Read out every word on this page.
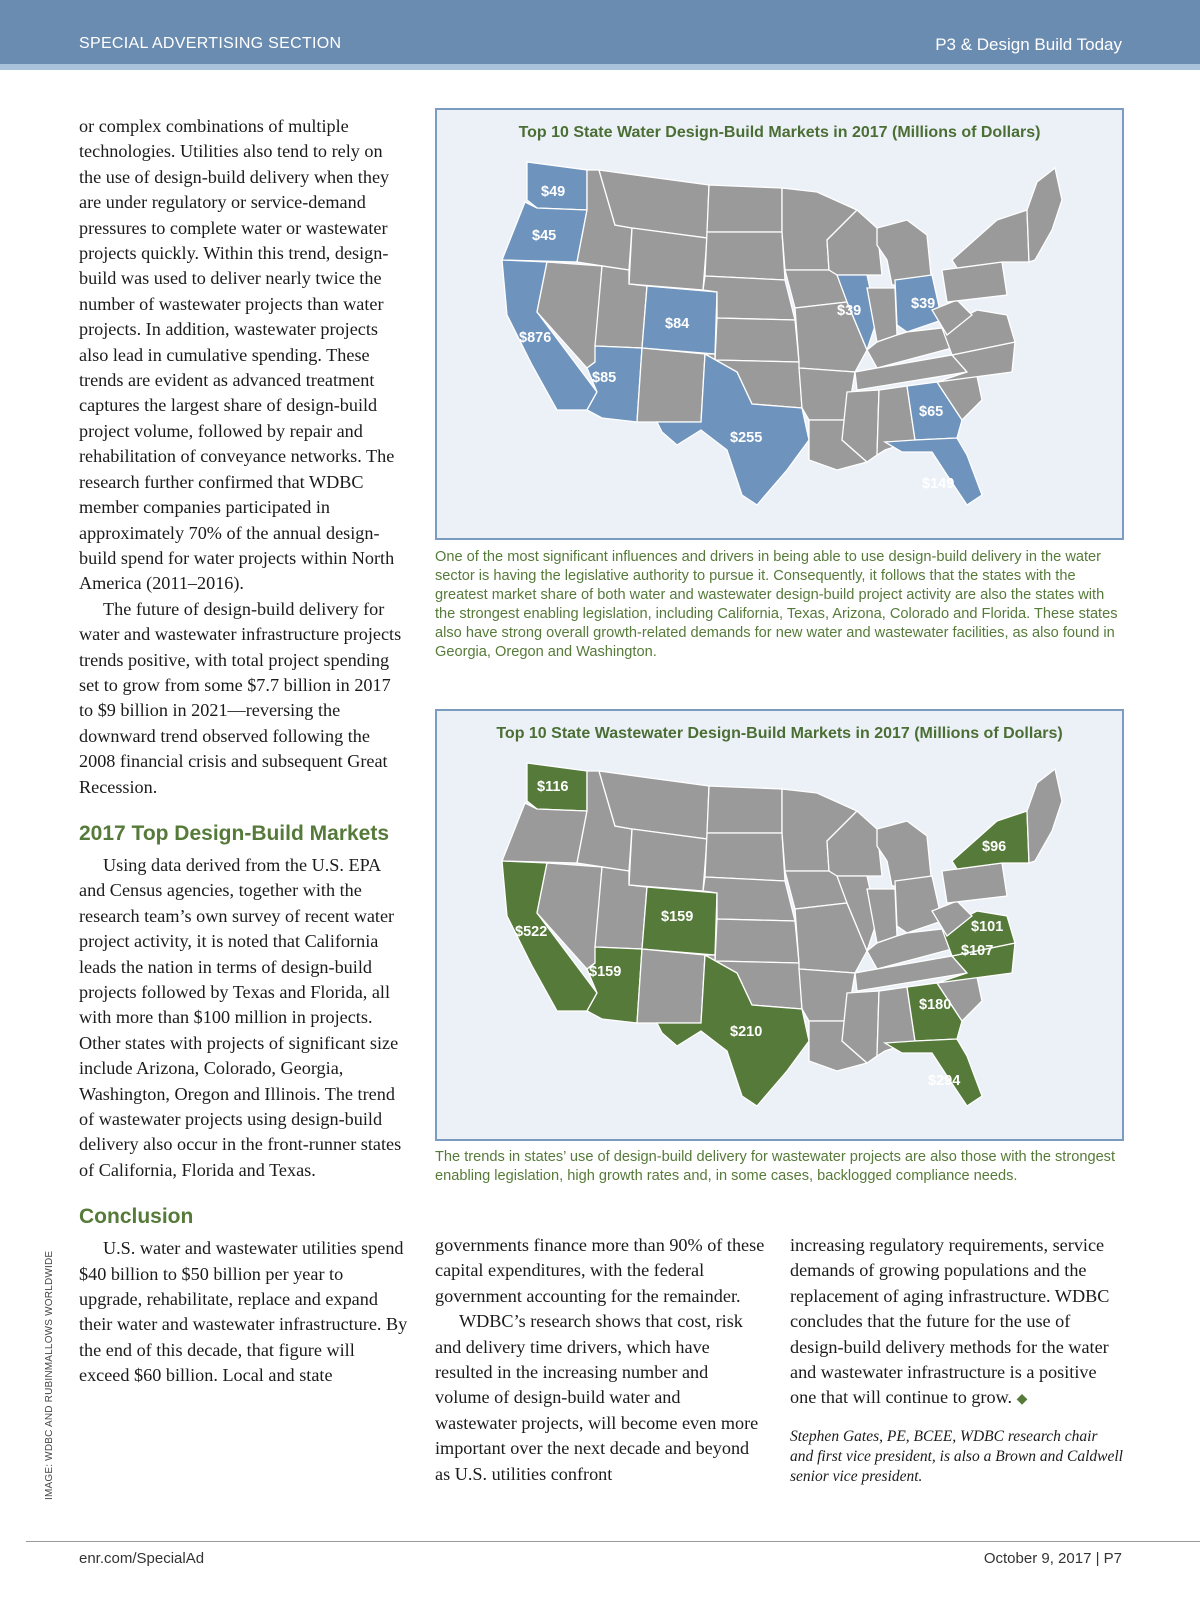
SPECIAL ADVERTISING SECTION	P3 & Design Build Today

or complex combinations of multiple technologies. Utilities also tend to rely on the use of design-build delivery when they are under regulatory or service-demand pressures to complete water or wastewater projects quickly. Within this trend, design-build was used to deliver nearly twice the number of wastewater projects than water projects. In addition, wastewater projects also lead in cumulative spending. These trends are evident as advanced treatment captures the largest share of design-build project volume, followed by repair and rehabilitation of conveyance networks. The research further confirmed that WDBC member companies participated in approximately 70% of the annual design-build spend for water projects within North America (2011–2016).

The future of design-build delivery for water and wastewater infrastructure projects trends positive, with total project spending set to grow from some $7.7 billion in 2017 to $9 billion in 2021—reversing the downward trend observed following the 2008 financial crisis and subsequent Great Recession.

2017 Top Design-Build Markets

Using data derived from the U.S. EPA and Census agencies, together with the research team’s own survey of recent water project activity, it is noted that California leads the nation in terms of design-build projects followed by Texas and Florida, all with more than $100 million in projects. Other states with projects of significant size include Arizona, Colorado, Georgia, Washington, Oregon and Illinois. The trend of wastewater projects using design-build delivery also occur in the front-runner states of California, Florida and Texas.

Conclusion

U.S. water and wastewater utilities spend $40 billion to $50 billion per year to upgrade, rehabilitate, replace and expand their water and wastewater infrastructure. By the end of this decade, that figure will exceed $60 billion. Local and state

governments finance more than 90% of these capital expenditures, with the federal government accounting for the remainder.

WDBC’s research shows that cost, risk and delivery time drivers, which have resulted in the increasing number and volume of design-build water and wastewater projects, will become even more important over the next decade and beyond as U.S. utilities confront

increasing regulatory requirements, service demands of growing populations and the replacement of aging infrastructure. WDBC concludes that the future for the use of design-build delivery methods for the water and wastewater infrastructure is a positive one that will continue to grow. ◆

Stephen Gates, PE, BCEE, WDBC research chair and first vice president, is also a Brown and Caldwell senior vice president.

Top 10 State Water Design-Build Markets in 2017 (Millions of Dollars)
$49
$45
$876
$85
$84
$255
$39	$39
$65
$149
One of the most significant influences and drivers in being able to use design-build delivery in the water sector is having the legislative authority to pursue it. Consequently, it follows that the states with the greatest market share of both water and wastewater design-build project activity are also the states with the strongest enabling legislation, including California, Texas, Arizona, Colorado and Florida. These states also have strong overall growth-related demands for new water and wastewater facilities, as also found in Georgia, Oregon and Washington.
Top 10 State Wastewater Design-Build Markets in 2017 (Millions of Dollars)
$116
$522
$159
$159
$210
$96
$101
$107
$180
$294
The trends in states’ use of design-build delivery for wastewater projects are also those with the strongest enabling legislation, high growth rates and, in some cases, backlogged compliance needs.
IMAGE: WDBC AND RUBINMALLOWS WORLDWIDE
enr.com/SpecialAd	October 9, 2017 | P7
